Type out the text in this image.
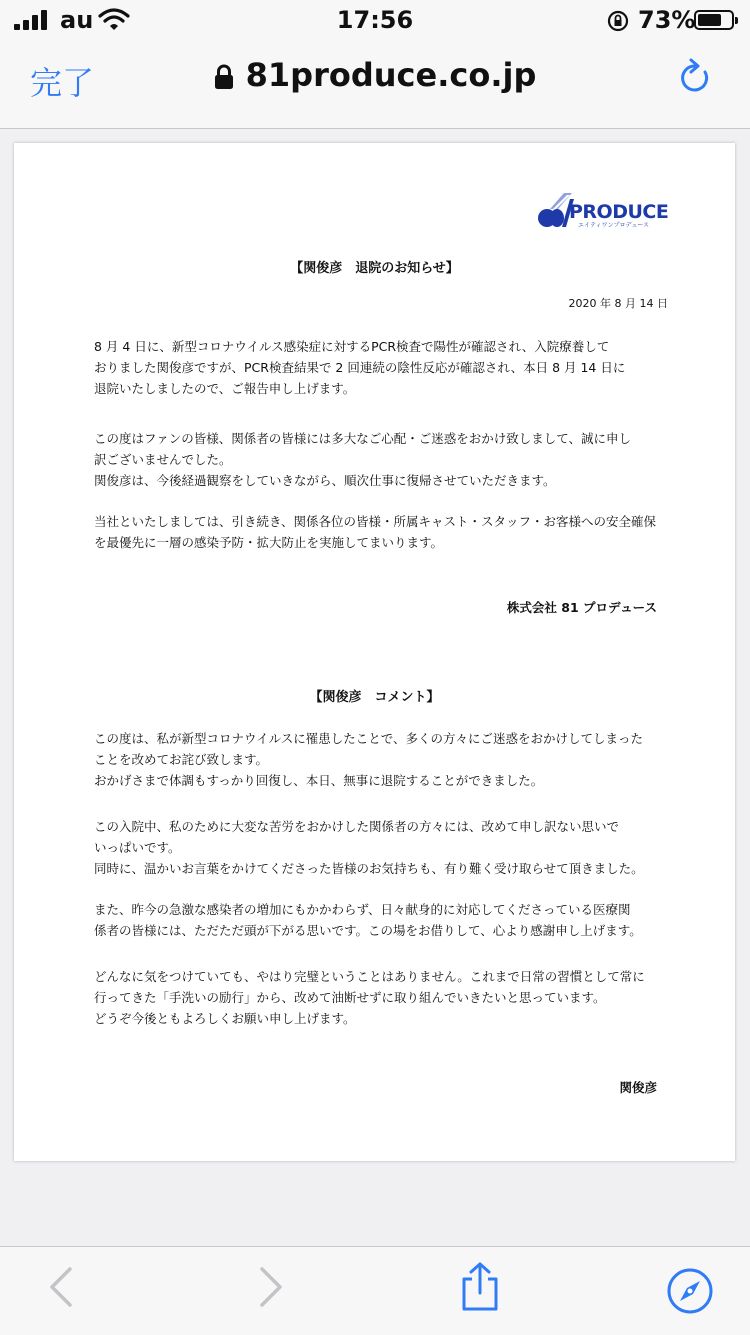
au	17:56	73%
完了	81produce.co.jp
PRODUCE
エイティワンプロデュース
【関俊彦　退院のお知らせ】
2020 年 8 月 14 日

8 月 4 日に、新型コロナウイルス感染症に対するPCR検査で陽性が確認され、入院療養して

おりました関俊彦ですが、PCR検査結果で 2 回連続の陰性反応が確認され、本日 8 月 14 日に

退院いたしましたので、ご報告申し上げます。

この度はファンの皆様、関係者の皆様には多大なご心配・ご迷惑をおかけ致しまして、誠に申し

訳ございませんでした。

関俊彦は、今後経過観察をしていきながら、順次仕事に復帰させていただきます。

当社といたしましては、引き続き、関係各位の皆様・所属キャスト・スタッフ・お客様への安全確保

を最優先に一層の感染予防・拡大防止を実施してまいります。

株式会社 81 プロデュース
【関俊彦　コメント】

この度は、私が新型コロナウイルスに罹患したことで、多くの方々にご迷惑をおかけしてしまった

ことを改めてお詫び致します。

おかげさまで体調もすっかり回復し、本日、無事に退院することができました。

この入院中、私のために大変な苦労をおかけした関係者の方々には、改めて申し訳ない思いで

いっぱいです。

同時に、温かいお言葉をかけてくださった皆様のお気持ちも、有り難く受け取らせて頂きました。

また、昨今の急激な感染者の増加にもかかわらず、日々献身的に対応してくださっている医療関

係者の皆様には、ただただ頭が下がる思いです。この場をお借りして、心より感謝申し上げます。

どんなに気をつけていても、やはり完璧ということはありません。これまで日常の習慣として常に

行ってきた「手洗いの励行」から、改めて油断せずに取り組んでいきたいと思っています。

どうぞ今後ともよろしくお願い申し上げます。

関俊彦
